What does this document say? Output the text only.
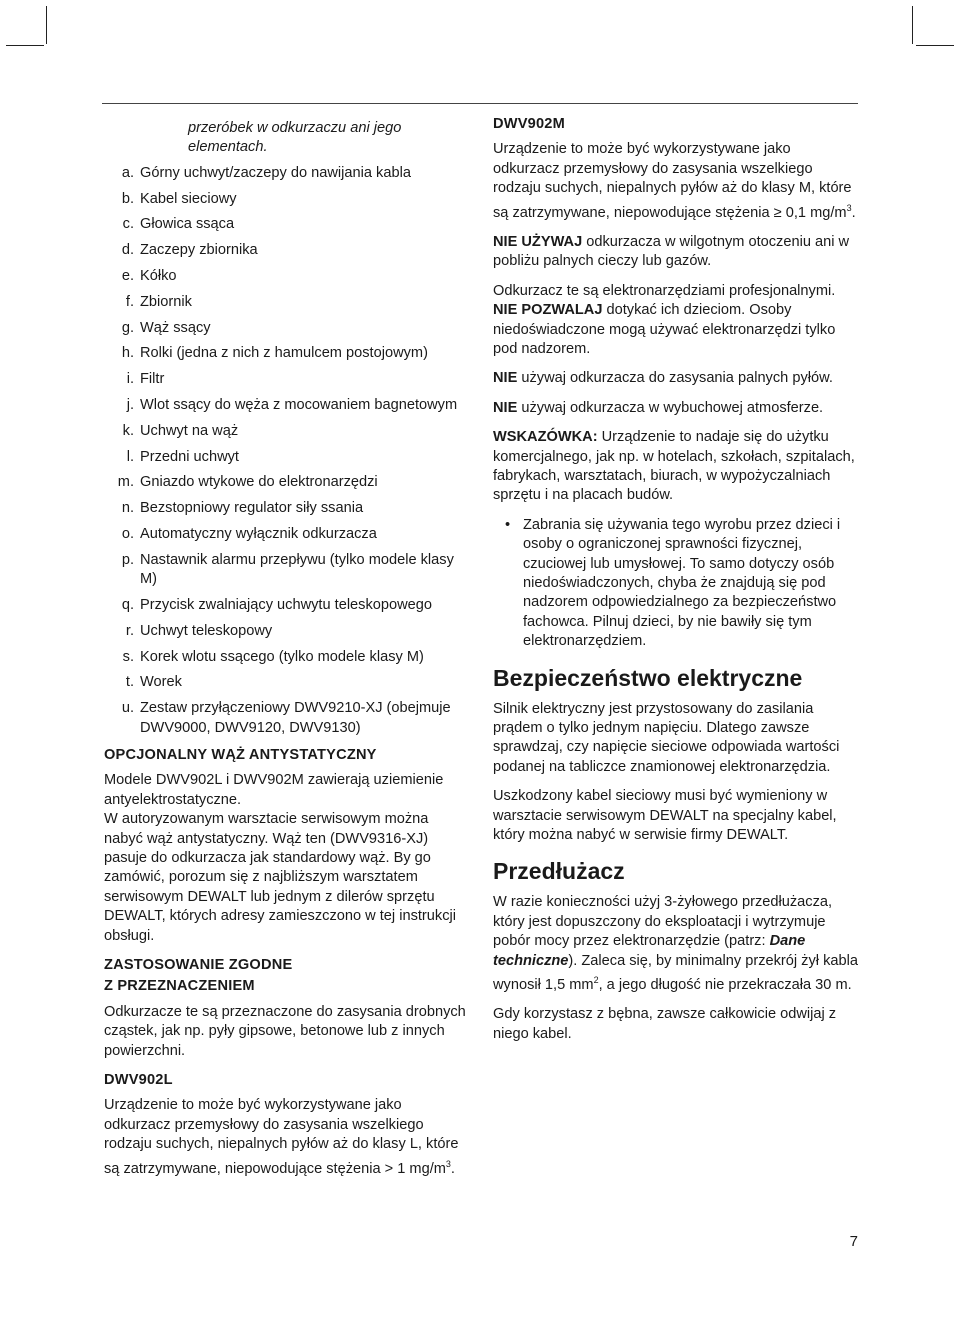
przeróbek w odkurzaczu ani jego elementach.

a. Górny uchwyt/zaczepy do nawijania kabla
b. Kabel sieciowy
c. Głowica ssąca
d. Zaczepy zbiornika
e. Kółko
f. Zbiornik
g. Wąż ssący
h. Rolki (jedna z nich z hamulcem postojowym)
i. Filtr
j. Wlot ssący do węża z mocowaniem bagnetowym
k. Uchwyt na wąż
l. Przedni uchwyt
m. Gniazdo wtykowe do elektronarzędzi
n. Bezstopniowy regulator siły ssania
o. Automatyczny wyłącznik odkurzacza
p. Nastawnik alarmu przepływu (tylko modele klasy M)
q. Przycisk zwalniający uchwytu teleskopowego
r. Uchwyt teleskopowy
s. Korek wlotu ssącego (tylko modele klasy M)
t. Worek
u. Zestaw przyłączeniowy DWV9210-XJ (obejmuje DWV9000, DWV9120, DWV9130)
OPCJONALNY WĄŻ ANTYSTATYCZNY

Modele DWV902L i DWV902M zawierają uziemienie antyelektrostatyczne.

W autoryzowanym warsztacie serwisowym można nabyć wąż antystatyczny. Wąż ten (DWV9316-XJ) pasuje do odkurzacza jak standardowy wąż. By go zamówić, porozum się z najbliższym warsztatem serwisowym DEWALT lub jednym z dilerów sprzętu DEWALT, których adresy zamieszczono w tej instrukcji obsługi.

ZASTOSOWANIE ZGODNE
Z PRZEZNACZENIEM

Odkurzacze te są przeznaczone do zasysania drobnych cząstek, jak np. pyły gipsowe, betonowe lub z innych powierzchni.

DWV902L

Urządzenie to może być wykorzystywane jako odkurzacz przemysłowy do zasysania wszelkiego rodzaju suchych, niepalnych pyłów aż do klasy L, które są zatrzymywane, niepowodujące stężenia > 1 $mg/m^3$.

DWV902M

Urządzenie to może być wykorzystywane jako odkurzacz przemysłowy do zasysania wszelkiego rodzaju suchych, niepalnych pyłów aż do klasy M, które są zatrzymywane, niepowodujące stężenia ≥ 0,1 $mg/m^3$.

NIE UŻYWAJ odkurzacza w wilgotnym otoczeniu ani w pobliżu palnych cieczy lub gazów.

Odkurzacz te są elektronarzędziami profesjonalnymi. NIE POZWALAJ dotykać ich dzieciom. Osoby niedoświadczone mogą używać elektronarzędzi tylko pod nadzorem.

NIE używaj odkurzacza do zasysania palnych pyłów.

NIE używaj odkurzacza w wybuchowej atmosferze.

WSKAZÓWKA: Urządzenie to nadaje się do użytku komercjalnego, jak np. w hotelach, szkołach, szpitalach, fabrykach, warsztatach, biurach, w wypożyczalniach sprzętu i na placach budów.

• Zabrania się używania tego wyrobu przez dzieci i osoby o ograniczonej sprawności fizycznej, czuciowej lub umysłowej. To samo dotyczy osób niedoświadczonych, chyba że znajdują się pod nadzorem odpowiedzialnego za bezpieczeństwo fachowca. Pilnuj dzieci, by nie bawiły się tym elektronarzędziem.
Bezpieczeństwo elektryczne

Silnik elektryczny jest przystosowany do zasilania prądem o tylko jednym napięciu. Dlatego zawsze sprawdzaj, czy napięcie sieciowe odpowiada wartości podanej na tabliczce znamionowej elektronarzędzia.

Uszkodzony kabel sieciowy musi być wymieniony w warsztacie serwisowym DEWALT na specjalny kabel, który można nabyć w serwisie firmy DEWALT.

Przedłużacz

W razie konieczności użyj 3-żyłowego przedłużacza, który jest dopuszczony do eksploatacji i wytrzymuje pobór mocy przez elektronarzędzie (patrz: Dane techniczne). Zaleca się, by minimalny przekrój żył kabla wynosił 1,5 $mm^2$, a jego długość nie przekraczała 30 m.

Gdy korzystasz z bębna, zawsze całkowicie odwijaj z niego kabel.

7
